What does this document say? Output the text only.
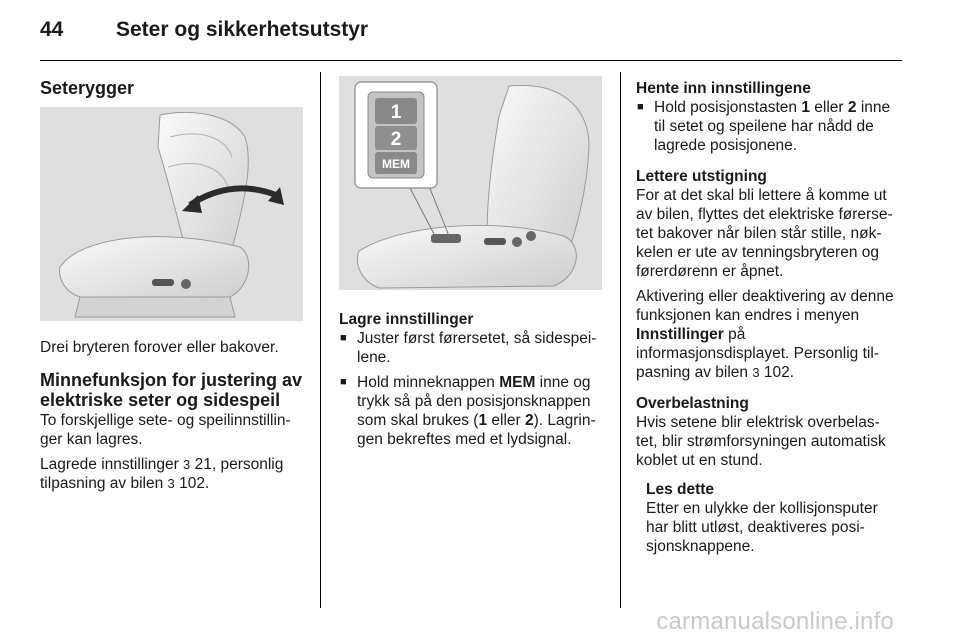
44	Seter og sikkerhetsutstyr

Seterygger

Drei bryteren forover eller bakover.

Minnefunksjon for justering av

elektriske seter og sidespeil

To forskjellige sete- og speilinnstillin-

ger kan lagres.

Lagrede innstillinger 3 21, personlig

tilpasning av bilen 3 102.

1
2
MEM

Lagre innstillinger

■ Juster først førersetet, så sidespei-
lene.

■ Hold minneknappen MEM inne og
trykk så på den posisjonsknappen
som skal brukes (1 eller 2). Lagrin-
gen bekreftes med et lydsignal.

Hente inn innstillingene

■ Hold posisjonstasten 1 eller 2 inne
til setet og speilene har nådd de
lagrede posisjonene.

Lettere utstigning

For at det skal bli lettere å komme ut

av bilen, flyttes det elektriske førerse-

tet bakover når bilen står stille, nøk-

kelen er ute av tenningsbryteren og

førerdørenn er åpnet.

Aktivering eller deaktivering av denne

funksjonen kan endres i menyen

Innstillinger på

informasjonsdisplayet. Personlig til-

pasning av bilen 3 102.

Overbelastning

Hvis setene blir elektrisk overbelas-

tet, blir strømforsyningen automatisk

koblet ut en stund.

Les dette

Etter en ulykke der kollisjonsputer

har blitt utløst, deaktiveres posi-

sjonsknappene.

carmanualsonline.info
